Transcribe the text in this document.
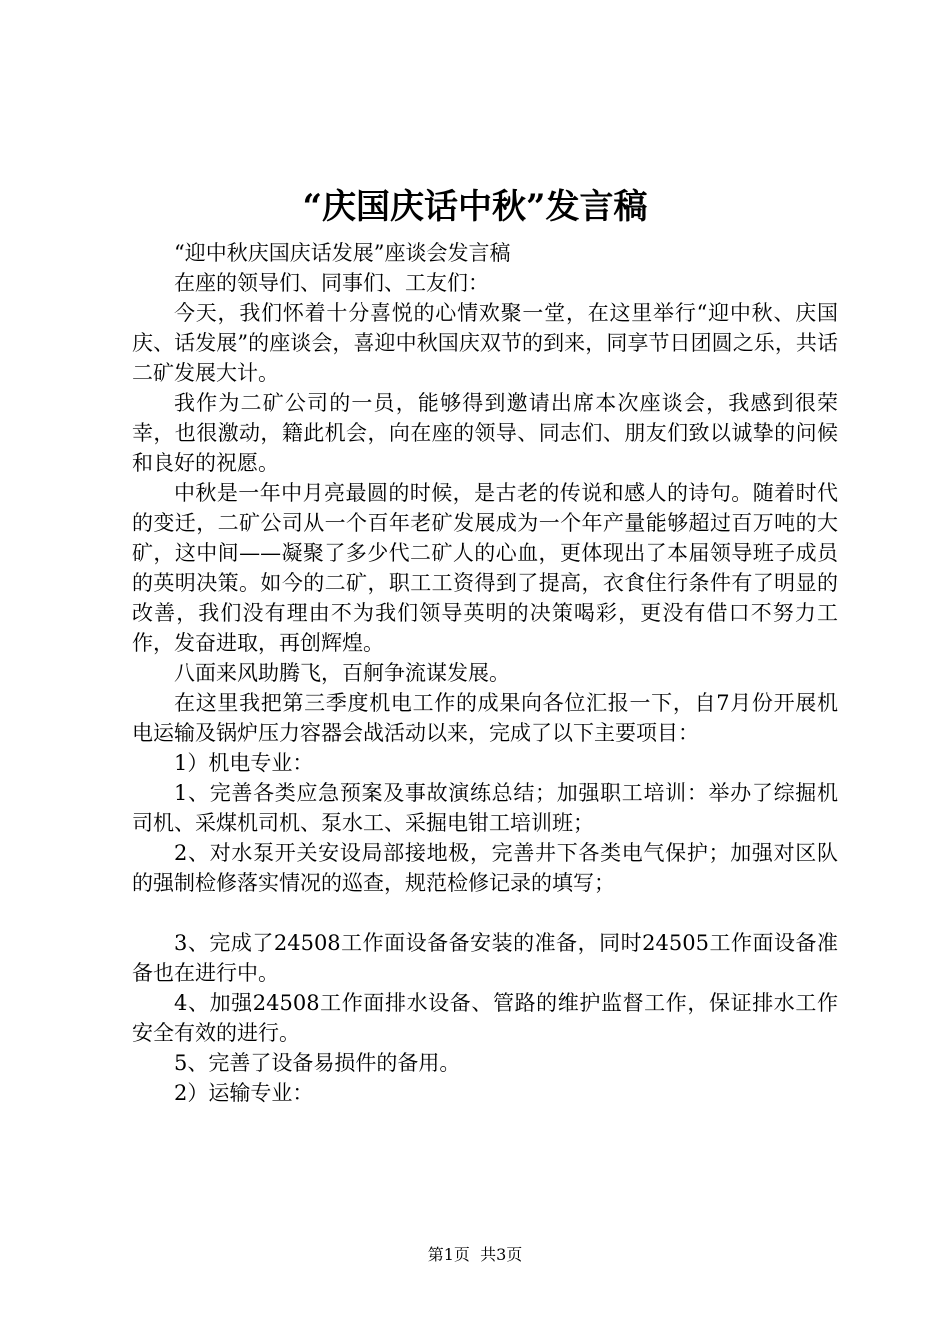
“庆国庆话中秋”发言稿

“迎中秋庆国庆话发展”座谈会发言稿

在座的领导们、同事们、工友们：

今天，我们怀着十分喜悦的心情欢聚一堂，在这里举行“迎中秋、庆国庆、话发展”的座谈会，喜迎中秋国庆双节的到来，同享节日团圆之乐，共话二矿发展大计。

我作为二矿公司的一员，能够得到邀请出席本次座谈会，我感到很荣幸，也很激动，籍此机会，向在座的领导、同志们、朋友们致以诚挚的问候和良好的祝愿。

中秋是一年中月亮最圆的时候，是古老的传说和感人的诗句。随着时代的变迁，二矿公司从一个百年老矿发展成为一个年产量能够超过百万吨的大矿，这中间——凝聚了多少代二矿人的心血，更体现出了本届领导班子成员的英明决策。如今的二矿，职工工资得到了提高，衣食住行条件有了明显的改善，我们没有理由不为我们领导英明的决策喝彩，更没有借口不努力工作，发奋进取，再创辉煌。

八面来风助腾飞，百舸争流谋发展。

在这里我把第三季度机电工作的成果向各位汇报一下，自7月份开展机电运输及锅炉压力容器会战活动以来，完成了以下主要项目：

1）机电专业：

1、完善各类应急预案及事故演练总结；加强职工培训：举办了综掘机司机、采煤机司机、泵水工、采掘电钳工培训班；

2、对水泵开关安设局部接地极，完善井下各类电气保护；加强对区队的强制检修落实情况的巡查，规范检修记录的填写；

3、完成了24508工作面设备备安装的准备，同时24505工作面设备准备也在进行中。

4、加强24508工作面排水设备、管路的维护监督工作，保证排水工作安全有效的进行。

5、完善了设备易损件的备用。

2）运输专业：

第1页 共3页
